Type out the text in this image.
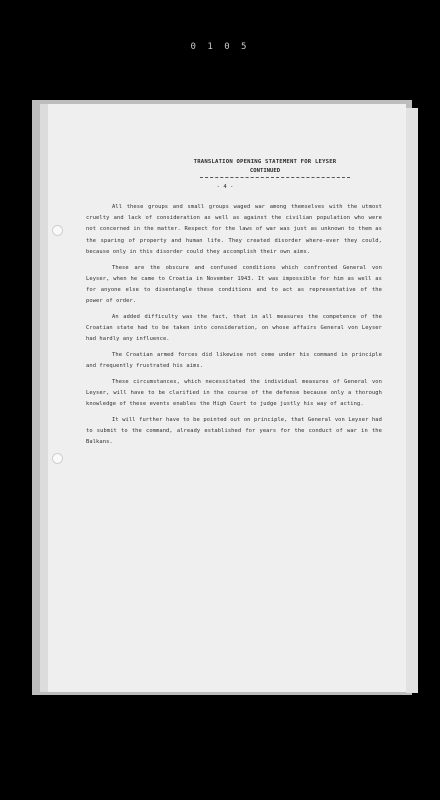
0 1 0 5
TRANSLATION OPENING STATEMENT FOR LEYSER
CONTINUED
- 4 -

All these groups and small groups waged war among themselves with the utmost cruelty and lack of consideration as well as against the civilian population who were not concerned in the matter. Respect for the laws of war was just as unknown to them as the sparing of property and human life. They created disorder where-ever they could, because only in this disorder could they accomplish their own aims.

These are the obscure and confused conditions which confronted General von Leyser, when he came to Croatia in November 1943. It was impossible for him as well as for anyone else to disentangle these conditions and to act as representative of the power of order.

An added difficulty was the fact, that in all measures the competence of the Croatian state had to be taken into consideration, on whose affairs General von Leyser had hardly any influence.

The Croatian armed forces did likewise not come under his command in principle and frequently frustrated his aims.

These circumstances, which necessitated the individual measures of General von Leyser, will have to be clarified in the course of the defense because only a thorough knowledge of these events enables the High Court to judge justly his way of acting.

It will further have to be pointed out on principle, that General von Leyser had to submit to the command, already established for years for the conduct of war in the Balkans.
